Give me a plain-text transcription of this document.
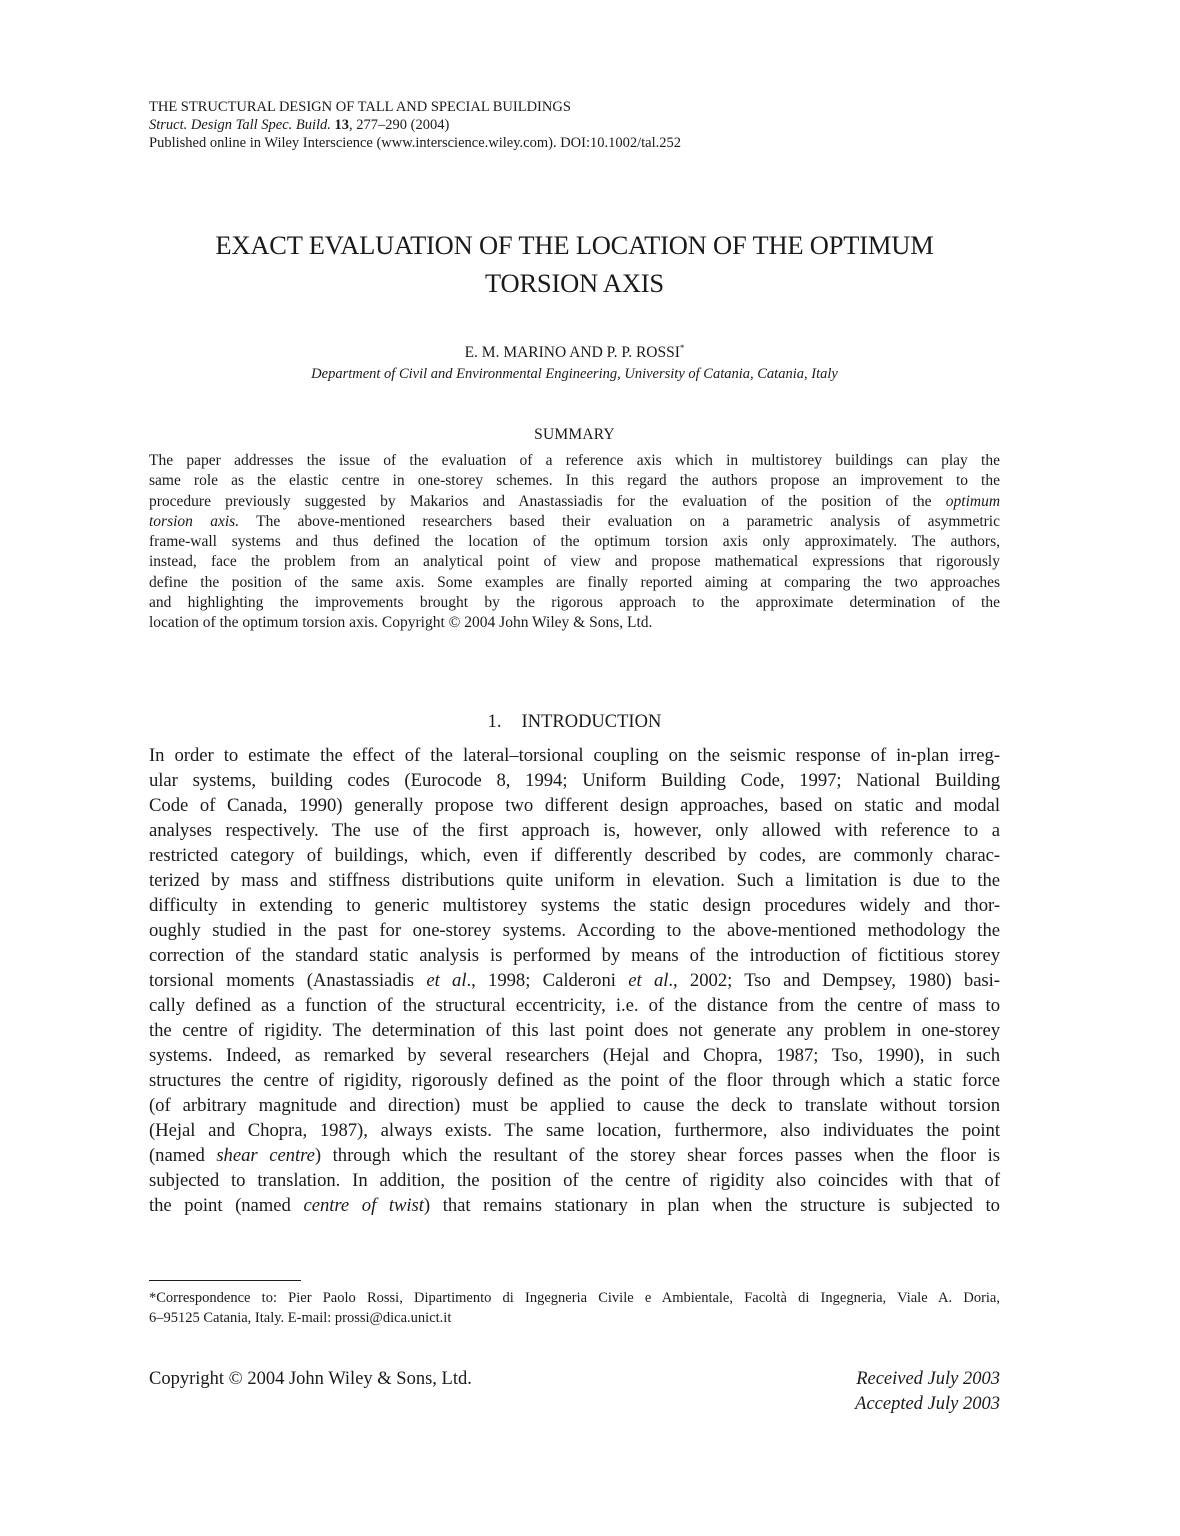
THE STRUCTURAL DESIGN OF TALL AND SPECIAL BUILDINGS
Struct. Design Tall Spec. Build. 13, 277–290 (2004)
Published online in Wiley Interscience (www.interscience.wiley.com). DOI:10.1002/tal.252
EXACT EVALUATION OF THE LOCATION OF THE OPTIMUM
TORSION AXIS
E. M. MARINO AND P. P. ROSSI*
Department of Civil and Environmental Engineering, University of Catania, Catania, Italy
SUMMARY
The paper addresses the issue of the evaluation of a reference axis which in multistorey buildings can play the
same role as the elastic centre in one-storey schemes. In this regard the authors propose an improvement to the
procedure previously suggested by Makarios and Anastassiadis for the evaluation of the position of the optimum
torsion axis. The above-mentioned researchers based their evaluation on a parametric analysis of asymmetric
frame-wall systems and thus defined the location of the optimum torsion axis only approximately. The authors,
instead, face the problem from an analytical point of view and propose mathematical expressions that rigorously
define the position of the same axis. Some examples are finally reported aiming at comparing the two approaches
and highlighting the improvements brought by the rigorous approach to the approximate determination of the
location of the optimum torsion axis. Copyright © 2004 John Wiley & Sons, Ltd.
1. INTRODUCTION
In order to estimate the effect of the lateral–torsional coupling on the seismic response of in-plan irreg-
ular systems, building codes (Eurocode 8, 1994; Uniform Building Code, 1997; National Building
Code of Canada, 1990) generally propose two different design approaches, based on static and modal
analyses respectively. The use of the first approach is, however, only allowed with reference to a
restricted category of buildings, which, even if differently described by codes, are commonly charac-
terized by mass and stiffness distributions quite uniform in elevation. Such a limitation is due to the
difficulty in extending to generic multistorey systems the static design procedures widely and thor-
oughly studied in the past for one-storey systems. According to the above-mentioned methodology the
correction of the standard static analysis is performed by means of the introduction of fictitious storey
torsional moments (Anastassiadis et al., 1998; Calderoni et al., 2002; Tso and Dempsey, 1980) basi-
cally defined as a function of the structural eccentricity, i.e. of the distance from the centre of mass to
the centre of rigidity. The determination of this last point does not generate any problem in one-storey
systems. Indeed, as remarked by several researchers (Hejal and Chopra, 1987; Tso, 1990), in such
structures the centre of rigidity, rigorously defined as the point of the floor through which a static force
(of arbitrary magnitude and direction) must be applied to cause the deck to translate without torsion
(Hejal and Chopra, 1987), always exists. The same location, furthermore, also individuates the point
(named shear centre) through which the resultant of the storey shear forces passes when the floor is
subjected to translation. In addition, the position of the centre of rigidity also coincides with that of
the point (named centre of twist) that remains stationary in plan when the structure is subjected to
*Correspondence to: Pier Paolo Rossi, Dipartimento di Ingegneria Civile e Ambientale, Facoltà di Ingegneria, Viale A. Doria,
6–95125 Catania, Italy. E-mail: prossi@dica.unict.it
Copyright © 2004 John Wiley & Sons, Ltd.	Received July 2003
Accepted July 2003
